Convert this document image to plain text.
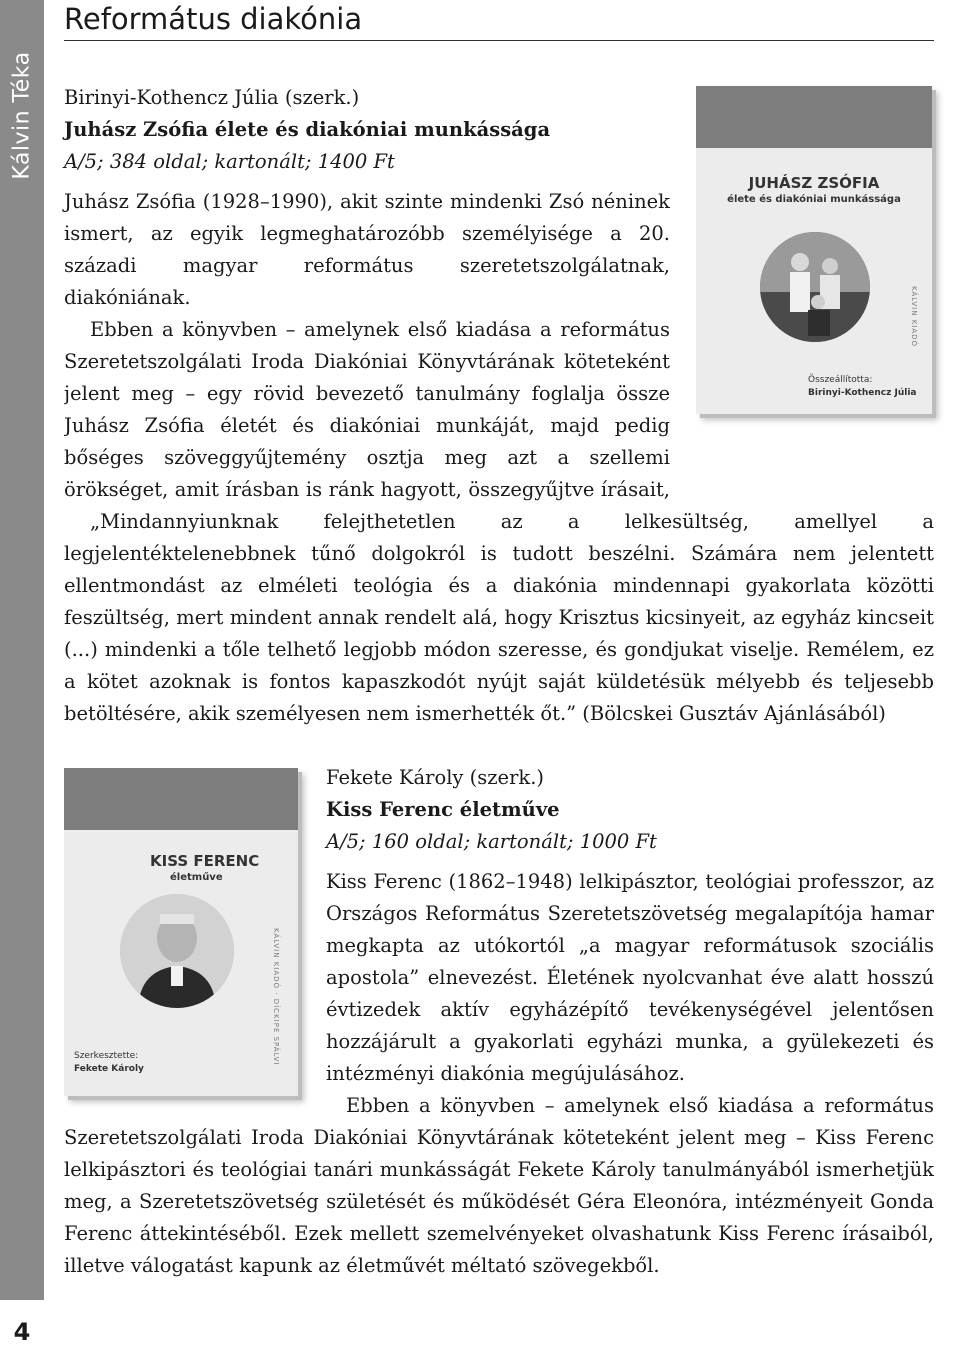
Kálvin Téka
4
Református diakónia
Birinyi-Kothencz Júlia (szerk.)
Juhász Zsófia élete és diakóniai munkássága
A/5; 384 oldal; kartonált; 1400 Ft

Juhász Zsófia (1928–1990), akit szinte mindenki Zsó néninek ismert, az egyik legmeghatározóbb személyisége a 20. századi magyar református szeretetszolgálatnak, diakóniának.

Ebben a könyvben – amelynek első kiadása a református Szeretetszolgálati Iroda Diakóniai Könyvtárának köteteként jelent meg – egy rövid bevezető tanulmány foglalja össze Juhász Zsófia életét és diakóniai munkáját, majd pedig

JUHÁSZ ZSÓFIA
élete és diakóniai munkássága
KÁLVIN KIADÓ
Összeállította:
Birinyi-Kothencz Júlia

bőséges szöveggyűjtemény osztja meg azt a szellemi örökséget, amit írásban is ránk hagyott, összegyűjtve írásait,

„Mindannyiunknak felejthetetlen az a lelkesültség, amellyel a legjelentéktelenebbnek tűnő dolgokról is tudott beszélni. Számára nem jelentett ellentmondást az elméleti teológia és a diakónia mindennapi gyakorlata közötti feszültség, mert mindent annak rendelt alá, hogy Krisztus kicsinyeit, az egyház kincseit (...) mindenki a tőle telhető legjobb módon szeresse, és gondjukat viselje. Remélem, ez a kötet azoknak is fontos kapaszkodót nyújt saját küldetésük mélyebb és teljesebb betöltésére, akik személyesen nem ismerhették őt.” (Bölcskei Gusztáv Ajánlásából)

KISS FERENC
életműve
KÁLVIN KIADÓ · DÍCKIPE SPÁLVI
Szerkesztette:
Fekete Károly
Fekete Károly (szerk.)
Kiss Ferenc életműve
A/5; 160 oldal; kartonált; 1000 Ft

Kiss Ferenc (1862–1948) lelkipásztor, teológiai professzor, az Országos Református Szeretetszövetség megalapítója hamar megkapta az utókortól „a magyar reformátusok szociális apostola” elnevezést. Életének nyolcvanhat éve alatt hosszú évtizedek aktív egyházépítő tevékenységével jelentősen hozzájárult a gyakorlati egyházi munka, a gyülekezeti és intézményi diakónia megújulásához.

Ebben a könyvben – amelynek első kiadása a református Szeretetszolgálati Iroda Diakóniai Könyvtárának köteteként jelent meg – Kiss Ferenc lelkipásztori és teológiai tanári munkásságát Fekete Károly tanulmányából ismerhetjük meg, a Szeretetszövetség születését és működését Géra Eleonóra, intézményeit Gonda Ferenc áttekintéséből. Ezek mellett szemelvényeket olvashatunk Kiss Ferenc írásaiból, illetve válogatást kapunk az életművét méltató szövegekből.
